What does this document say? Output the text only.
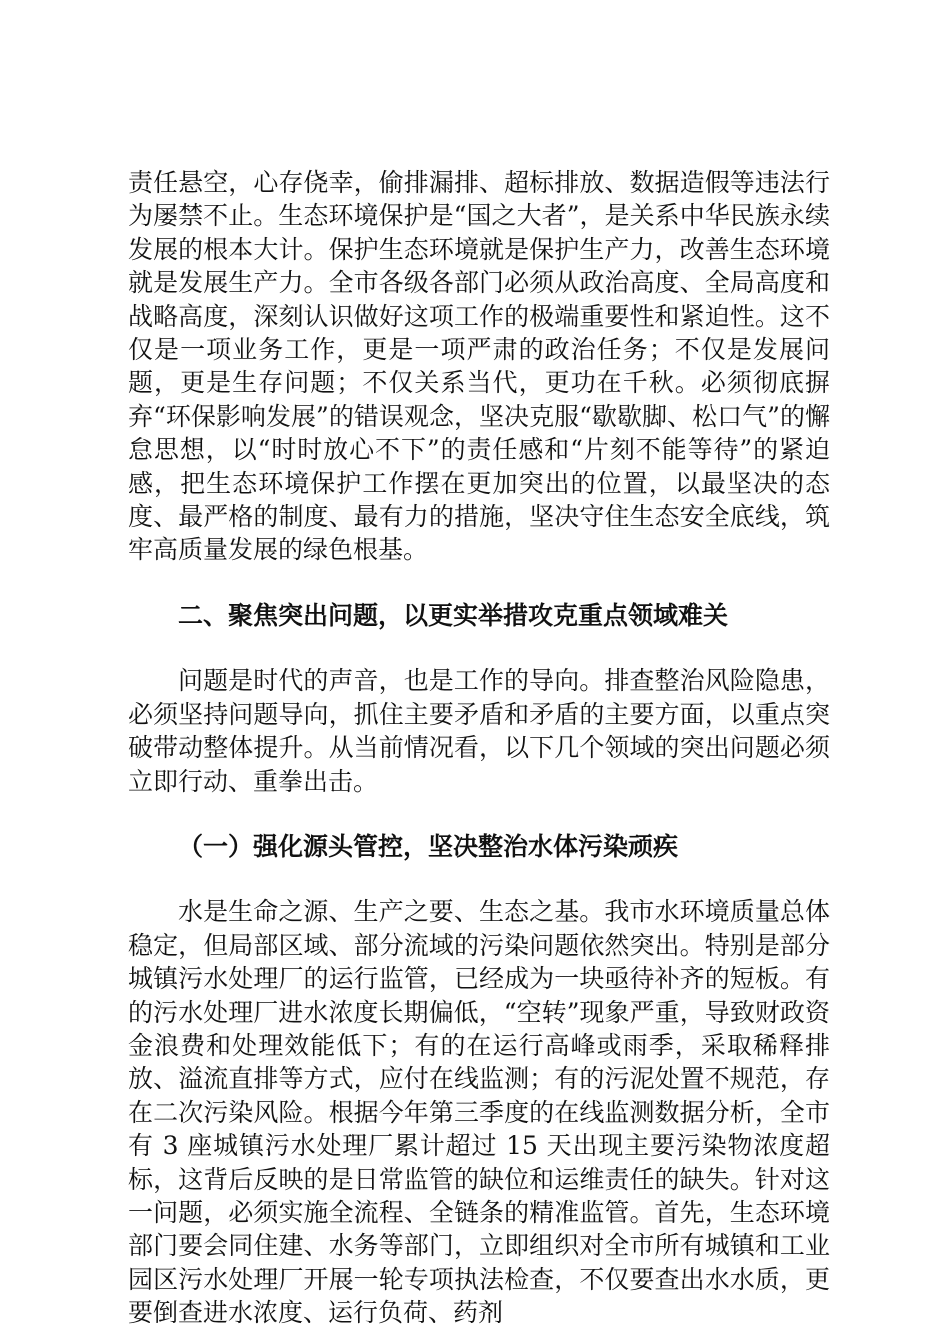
责任悬空，心存侥幸，偷排漏排、超标排放、数据造假等违法行为屡禁不止。生态环境保护是“国之大者”，是关系中华民族永续发展的根本大计。保护生态环境就是保护生产力，改善生态环境就是发展生产力。全市各级各部门必须从政治高度、全局高度和战略高度，深刻认识做好这项工作的极端重要性和紧迫性。这不仅是一项业务工作，更是一项严肃的政治任务；不仅是发展问题，更是生存问题；不仅关系当代，更功在千秋。必须彻底摒弃“环保影响发展”的错误观念，坚决克服“歇歇脚、松口气”的懈怠思想，以“时时放心不下”的责任感和“片刻不能等待”的紧迫感，把生态环境保护工作摆在更加突出的位置，以最坚决的态度、最严格的制度、最有力的措施，坚决守住生态安全底线，筑牢高质量发展的绿色根基。

二、聚焦突出问题，以更实举措攻克重点领域难关

问题是时代的声音，也是工作的导向。排查整治风险隐患，必须坚持问题导向，抓住主要矛盾和矛盾的主要方面，以重点突破带动整体提升。从当前情况看，以下几个领域的突出问题必须立即行动、重拳出击。

（一）强化源头管控，坚决整治水体污染顽疾

水是生命之源、生产之要、生态之基。我市水环境质量总体稳定，但局部区域、部分流域的污染问题依然突出。特别是部分城镇污水处理厂的运行监管，已经成为一块亟待补齐的短板。有的污水处理厂进水浓度长期偏低，“空转”现象严重，导致财政资金浪费和处理效能低下；有的在运行高峰或雨季，采取稀释排放、溢流直排等方式，应付在线监测；有的污泥处置不规范，存在二次污染风险。根据今年第三季度的在线监测数据分析，全市有 3 座城镇污水处理厂累计超过 15 天出现主要污染物浓度超标，这背后反映的是日常监管的缺位和运维责任的缺失。针对这一问题，必须实施全流程、全链条的精准监管。首先，生态环境部门要会同住建、水务等部门，立即组织对全市所有城镇和工业园区污水处理厂开展一轮专项执法检查，不仅要查出水水质，更要倒查进水浓度、运行负荷、药剂
